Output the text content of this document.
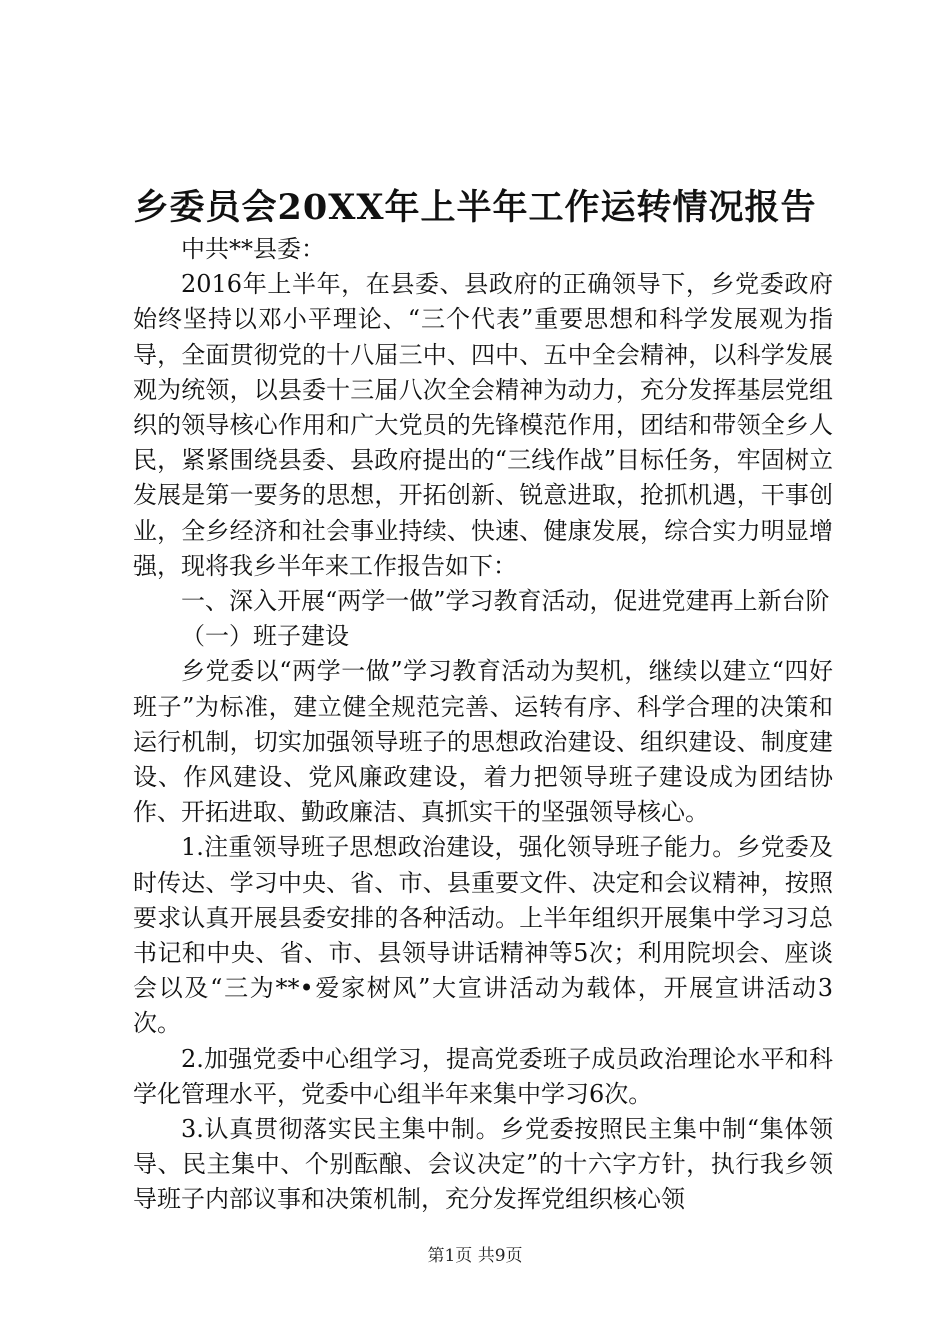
乡委员会20XX年上半年工作运转情况报告

中共**县委：

2016年上半年，在县委、县政府的正确领导下，乡党委政府始终坚持以邓小平理论、“三个代表”重要思想和科学发展观为指导，全面贯彻党的十八届三中、四中、五中全会精神，以科学发展观为统领，以县委十三届八次全会精神为动力，充分发挥基层党组织的领导核心作用和广大党员的先锋模范作用，团结和带领全乡人民，紧紧围绕县委、县政府提出的“三线作战”目标任务，牢固树立发展是第一要务的思想，开拓创新、锐意进取，抢抓机遇，干事创业，全乡经济和社会事业持续、快速、健康发展，综合实力明显增强，现将我乡半年来工作报告如下：

一、深入开展“两学一做”学习教育活动，促进党建再上新台阶

（一）班子建设

乡党委以“两学一做”学习教育活动为契机，继续以建立“四好班子”为标准，建立健全规范完善、运转有序、科学合理的决策和运行机制，切实加强领导班子的思想政治建设、组织建设、制度建设、作风建设、党风廉政建设，着力把领导班子建设成为团结协作、开拓进取、勤政廉洁、真抓实干的坚强领导核心。

1.注重领导班子思想政治建设，强化领导班子能力。乡党委及时传达、学习中央、省、市、县重要文件、决定和会议精神，按照要求认真开展县委安排的各种活动。上半年组织开展集中学习习总书记和中央、省、市、县领导讲话精神等5次；利用院坝会、座谈会以及“三为**•爱家树风”大宣讲活动为载体，开展宣讲活动3次。

2.加强党委中心组学习，提高党委班子成员政治理论水平和科学化管理水平，党委中心组半年来集中学习6次。

3.认真贯彻落实民主集中制。乡党委按照民主集中制“集体领导、民主集中、个别酝酿、会议决定”的十六字方针，执行我乡领导班子内部议事和决策机制，充分发挥党组织核心领

第1页 共9页
